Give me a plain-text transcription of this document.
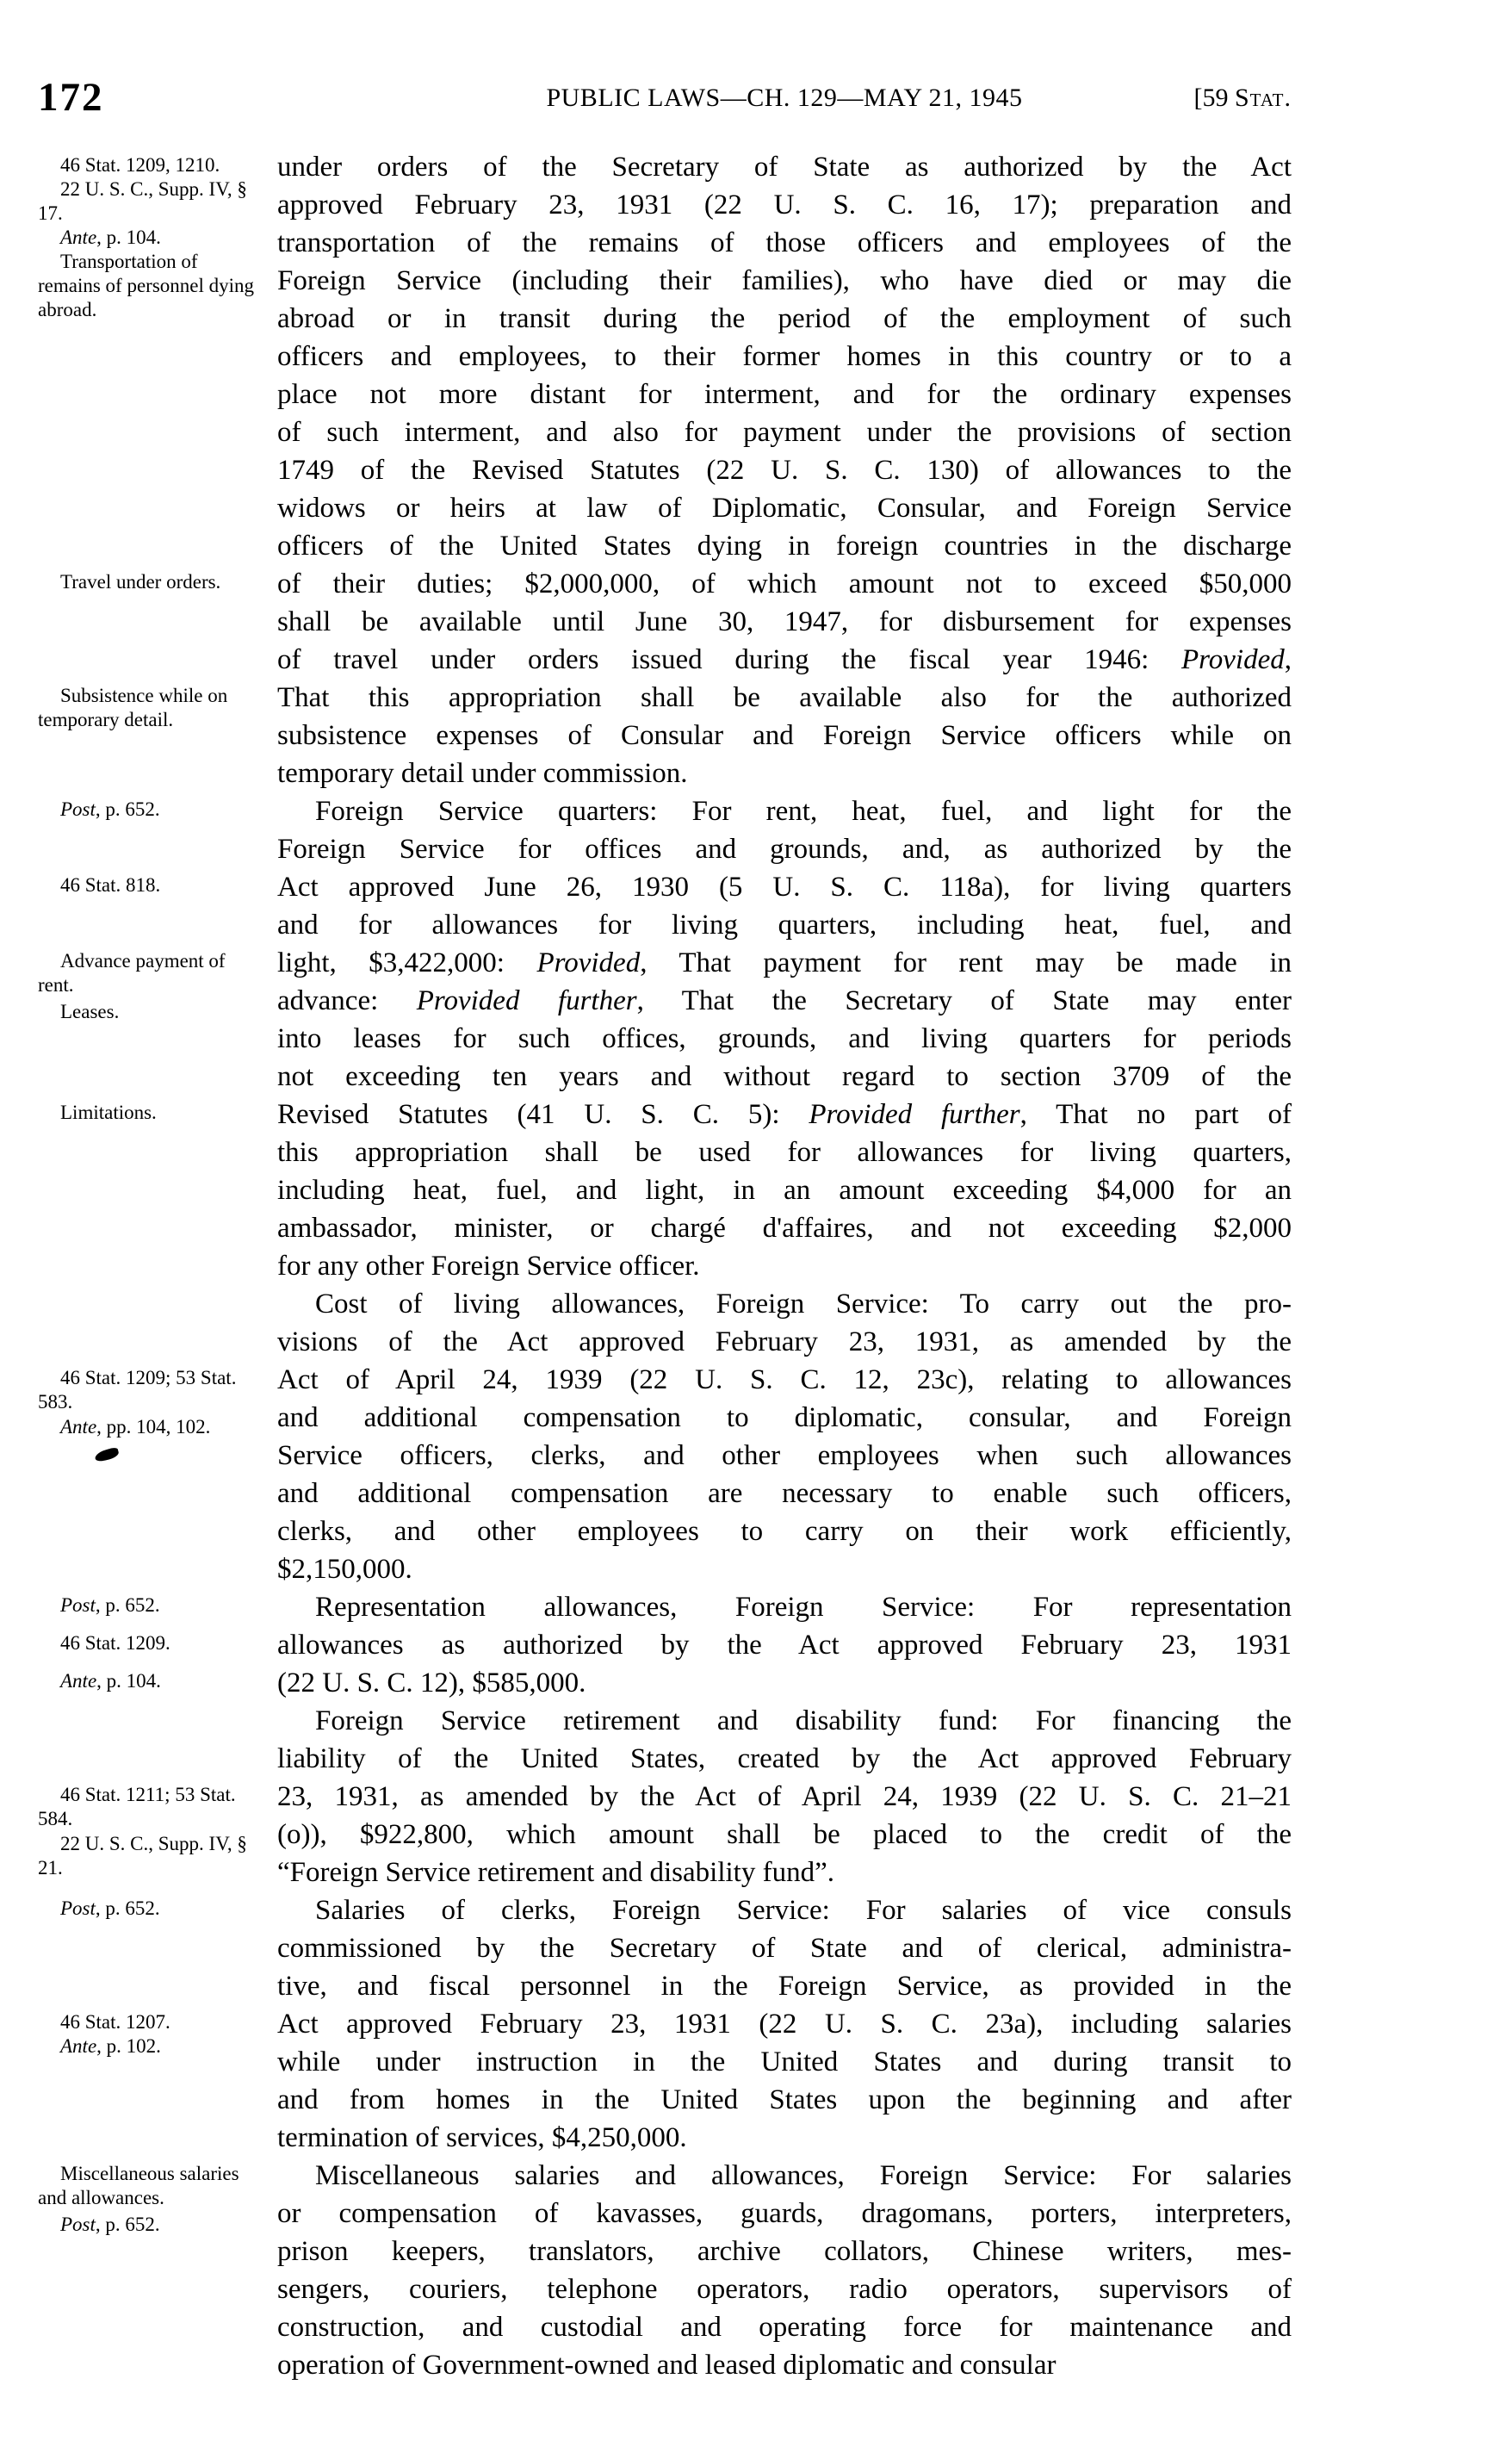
172	PUBLIC LAWS—CH. 129—MAY 21, 1945	[59 Stat.
under orders of the Secretary of State as authorized by the Act
approved February 23, 1931 (22 U. S. C. 16, 17); preparation and
transportation of the remains of those officers and employees of the
Foreign Service (including their families), who have died or may die
abroad or in transit during the period of the employment of such
officers and employees, to their former homes in this country or to a
place not more distant for interment, and for the ordinary expenses
of such interment, and also for payment under the provisions of section
1749 of the Revised Statutes (22 U. S. C. 130) of allowances to the
widows or heirs at law of Diplomatic, Consular, and Foreign Service
officers of the United States dying in foreign countries in the discharge
of their duties; $2,000,000, of which amount not to exceed $50,000
shall be available until June 30, 1947, for disbursement for expenses
of travel under orders issued during the fiscal year 1946: Provided,
That this appropriation shall be available also for the authorized
subsistence expenses of Consular and Foreign Service officers while on
temporary detail under commission.
46 Stat. 1209, 1210.
22 U. S. C., Supp. IV, § 17.
Ante, p. 104.
Transportation of remains of personnel dying abroad.
Travel under orders.
Subsistence while on temporary detail.
Foreign Service quarters: For rent, heat, fuel, and light for the
Foreign Service for offices and grounds, and, as authorized by the
Act approved June 26, 1930 (5 U. S. C. 118a), for living quarters
and for allowances for living quarters, including heat, fuel, and
light, $3,422,000: Provided, That payment for rent may be made in
advance: Provided further, That the Secretary of State may enter
into leases for such offices, grounds, and living quarters for periods
not exceeding ten years and without regard to section 3709 of the
Revised Statutes (41 U. S. C. 5): Provided further, That no part of
this appropriation shall be used for allowances for living quarters,
including heat, fuel, and light, in an amount exceeding $4,000 for an
ambassador, minister, or chargé d'affaires, and not exceeding $2,000
for any other Foreign Service officer.
Post, p. 652.
46 Stat. 818.
Advance payment of rent.
Leases.
Limitations.
Cost of living allowances, Foreign Service: To carry out the pro-
visions of the Act approved February 23, 1931, as amended by the
Act of April 24, 1939 (22 U. S. C. 12, 23c), relating to allowances
and additional compensation to diplomatic, consular, and Foreign
Service officers, clerks, and other employees when such allowances
and additional compensation are necessary to enable such officers,
clerks, and other employees to carry on their work efficiently,
$2,150,000.
46 Stat. 1209; 53 Stat. 583.
Ante, pp. 104, 102.
Representation allowances, Foreign Service: For representation
allowances as authorized by the Act approved February 23, 1931
(22 U. S. C. 12), $585,000.
Post, p. 652.
46 Stat. 1209.
Ante, p. 104.
Foreign Service retirement and disability fund: For financing the
liability of the United States, created by the Act approved February
23, 1931, as amended by the Act of April 24, 1939 (22 U. S. C. 21–21
(o)), $922,800, which amount shall be placed to the credit of the
“Foreign Service retirement and disability fund”.
46 Stat. 1211; 53 Stat. 584.
22 U. S. C., Supp. IV, § 21.
Salaries of clerks, Foreign Service: For salaries of vice consuls
commissioned by the Secretary of State and of clerical, administra-
tive, and fiscal personnel in the Foreign Service, as provided in the
Act approved February 23, 1931 (22 U. S. C. 23a), including salaries
while under instruction in the United States and during transit to
and from homes in the United States upon the beginning and after
termination of services, $4,250,000.
Post, p. 652.
46 Stat. 1207.
Ante, p. 102.
Miscellaneous salaries and allowances, Foreign Service: For salaries
or compensation of kavasses, guards, dragomans, porters, interpreters,
prison keepers, translators, archive collators, Chinese writers, mes-
sengers, couriers, telephone operators, radio operators, supervisors of
construction, and custodial and operating force for maintenance and
operation of Government-owned and leased diplomatic and consular
Miscellaneous salaries and allowances.
Post, p. 652.
